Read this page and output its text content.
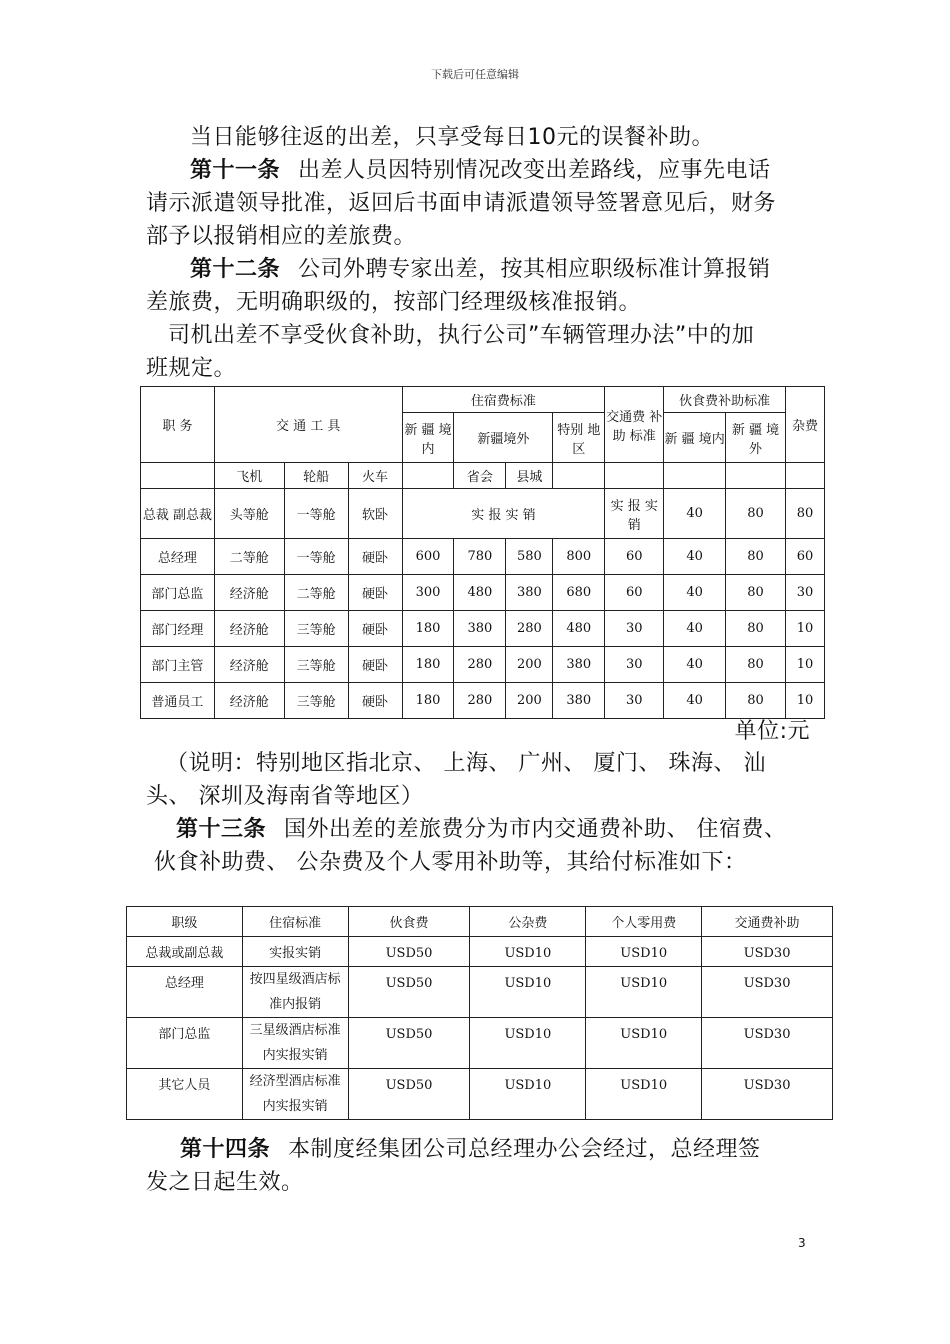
下载后可任意编辑
当日能够往返的出差，只享受每日10元的误餐补助。
第十一条 出差人员因特别情况改变出差路线，应事先电话
请示派遣领导批准，返回后书面申请派遣领导签署意见后，财务
部予以报销相应的差旅费。
第十二条 公司外聘专家出差，按其相应职级标准计算报销
差旅费，无明确职级的，按部门经理级核准报销。
司机出差不享受伙食补助，执行公司”车辆管理办法”中的加
班规定。
职 务	交 通 工 具			住宿费标准				交通费 补助 标准	伙食费补助标准		杂费
				新 疆 境内	新疆境外		特别 地 区		新 疆 境内	新 疆 境外	
	飞机	轮船	火车		省会	县城					
总裁 副总裁	头等舱	一等舱	软卧	实 报 实 销				实 报 实 销	40	80	80
总经理	二等舱	一等舱	硬卧	600	780	580	800	60	40	80	60
部门总监	经济舱	二等舱	硬卧	300	480	380	680	60	40	80	30
部门经理	经济舱	三等舱	硬卧	180	380	280	480	30	40	80	10
部门主管	经济舱	三等舱	硬卧	180	280	200	380	30	40	80	10
普通员工	经济舱	三等舱	硬卧	180	280	200	380	30	40	80	10
单位:元
（说明：特别地区指北京、 上海、 广州、 厦门、 珠海、 汕
头、 深圳及海南省等地区）
第十三条 国外出差的差旅费分为市内交通费补助、 住宿费、
伙食补助费、 公杂费及个人零用补助等，其给付标准如下：
职级	住宿标准	伙食费	公杂费	个人零用费	交通费补助
总裁或副总裁	实报实销	USD50	USD10	USD10	USD30
总经理	按四星级酒店标准内报销	USD50	USD10	USD10	USD30
部门总监	三星级酒店标准内实报实销	USD50	USD10	USD10	USD30
其它人员	经济型酒店标准内实报实销	USD50	USD10	USD10	USD30
第十四条 本制度经集团公司总经理办公会经过，总经理签
发之日起生效。
3
